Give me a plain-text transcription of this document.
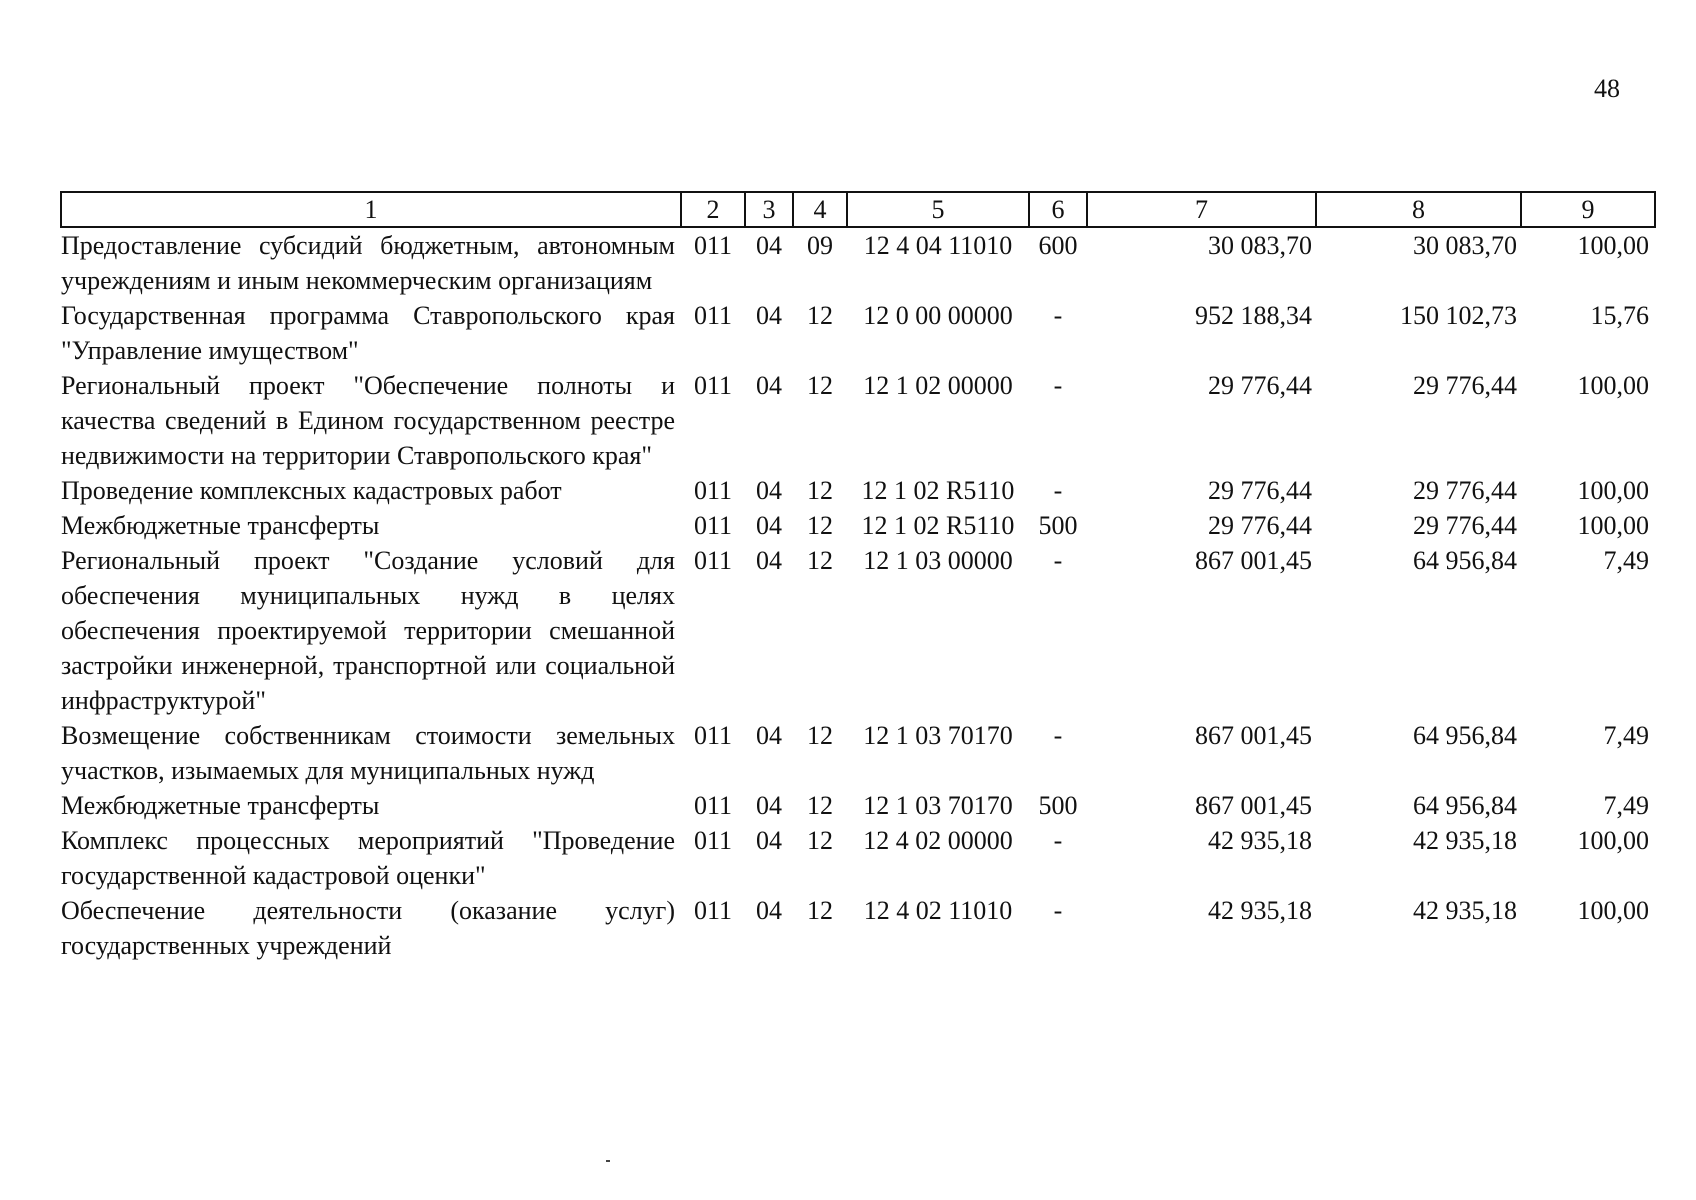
48
1	2	3	4	5	6	7	8	9
Предоставление субсидий бюджетным, автономным учреждениям и иным некоммерческим организациям	011	04	09	12 4 04 11010	600	30 083,70	30 083,70	100,00
Государственная программа Ставропольского края "Управление имуществом"	011	04	12	12 0 00 00000	-	952 188,34	150 102,73	15,76
Региональный проект "Обеспечение полноты и качества сведений в Едином государственном реестре недвижимости на территории Ставропольского края"	011	04	12	12 1 02 00000	-	29 776,44	29 776,44	100,00
Проведение комплексных кадастровых работ	011	04	12	12 1 02 R5110	-	29 776,44	29 776,44	100,00
Межбюджетные трансферты	011	04	12	12 1 02 R5110	500	29 776,44	29 776,44	100,00
Региональный проект "Создание условий для обеспечения муниципальных нужд в целях обеспечения проектируемой территории смешанной застройки инженерной, транспортной или социальной инфраструктурой"	011	04	12	12 1 03 00000	-	867 001,45	64 956,84	7,49
Возмещение собственникам стоимости земельных участков, изымаемых для муниципальных нужд	011	04	12	12 1 03 70170	-	867 001,45	64 956,84	7,49
Межбюджетные трансферты	011	04	12	12 1 03 70170	500	867 001,45	64 956,84	7,49
Комплекс процессных мероприятий "Проведение государственной кадастровой оценки"	011	04	12	12 4 02 00000	-	42 935,18	42 935,18	100,00
Обеспечение деятельности (оказание услуг) государственных учреждений	011	04	12	12 4 02 11010	-	42 935,18	42 935,18	100,00
